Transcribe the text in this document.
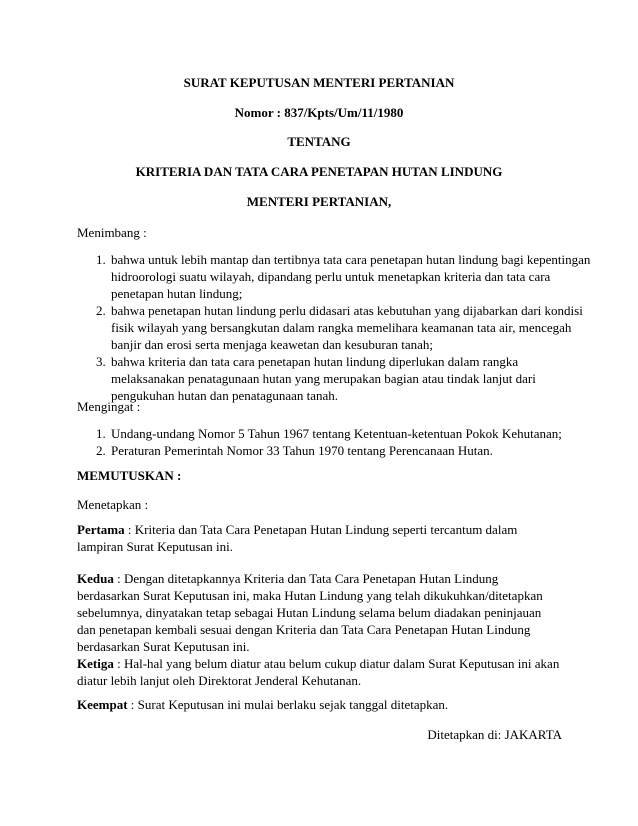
SURAT KEPUTUSAN MENTERI PERTANIAN
Nomor : 837/Kpts/Um/11/1980
TENTANG
KRITERIA DAN TATA CARA PENETAPAN HUTAN LINDUNG
MENTERI PERTANIAN,
Menimbang :
1. bahwa untuk lebih mantap dan tertibnya tata cara penetapan hutan lindung bagi kepentingan hidroorologi suatu wilayah, dipandang perlu untuk menetapkan kriteria dan tata cara penetapan hutan lindung;
2. bahwa penetapan hutan lindung perlu didasari atas kebutuhan yang dijabarkan dari kondisi fisik wilayah yang bersangkutan dalam rangka memelihara keamanan tata air, mencegah banjir dan erosi serta menjaga keawetan dan kesuburan tanah;
3. bahwa kriteria dan tata cara penetapan hutan lindung diperlukan dalam rangka melaksanakan penatagunaan hutan yang merupakan bagian atau tindak lanjut dari pengukuhan hutan dan penatagunaan tanah.
Mengingat :
1. Undang-undang Nomor 5 Tahun 1967 tentang Ketentuan-ketentuan Pokok Kehutanan;
2. Peraturan Pemerintah Nomor 33 Tahun 1970 tentang Perencanaan Hutan.
MEMUTUSKAN :
Menetapkan :
Pertama : Kriteria dan Tata Cara Penetapan Hutan Lindung seperti tercantum dalam lampiran Surat Keputusan ini.
Kedua : Dengan ditetapkannya Kriteria dan Tata Cara Penetapan Hutan Lindung berdasarkan Surat Keputusan ini, maka Hutan Lindung yang telah dikukuhkan/ditetapkan sebelumnya, dinyatakan tetap sebagai Hutan Lindung selama belum diadakan peninjauan dan penetapan kembali sesuai dengan Kriteria dan Tata Cara Penetapan Hutan Lindung berdasarkan Surat Keputusan ini.
Ketiga : Hal-hal yang belum diatur atau belum cukup diatur dalam Surat Keputusan ini akan diatur lebih lanjut oleh Direktorat Jenderal Kehutanan.
Keempat : Surat Keputusan ini mulai berlaku sejak tanggal ditetapkan.
Ditetapkan di: JAKARTA
